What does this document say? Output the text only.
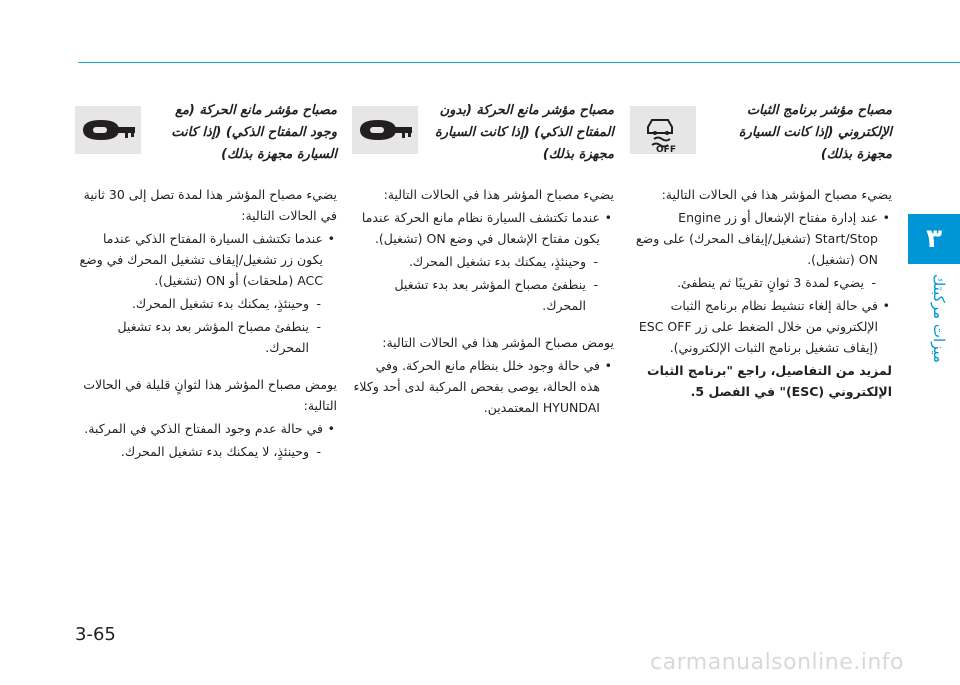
٣
ميزات مركبتك
OFF
مصباح مؤشر برنامج الثبات الإلكتروني (إذا كانت السيارة مجهزة بذلك)

يضيء مصباح المؤشر هذا في الحالات التالية:

• عند إدارة مفتاح الإشعال أو زر Engine Start/Stop (تشغيل/إيقاف المحرك) على وضع ON (تشغيل).

- يضيء لمدة 3 ثوانٍ تقريبًا ثم ينطفئ.

• في حالة إلغاء تنشيط نظام برنامج الثبات الإلكتروني من خلال الضغط على زر ESC OFF (إيقاف تشغيل برنامج الثبات الإلكتروني).

لمزيد من التفاصيل، راجع "برنامج الثبات الإلكتروني (ESC)" في الفصل 5.

مصباح مؤشر مانع الحركة (بدون المفتاح الذكي) (إذا كانت السيارة مجهزة بذلك)

يضيء مصباح المؤشر هذا في الحالات التالية:

• عندما تكتشف السيارة نظام مانع الحركة عندما يكون مفتاح الإشعال في وضع ON (تشغيل).

- وحينئذٍ، يمكنك بدء تشغيل المحرك.

- ينطفئ مصباح المؤشر بعد بدء تشغيل المحرك.

يومض مصباح المؤشر هذا في الحالات التالية:

• في حالة وجود خلل بنظام مانع الحركة. وفي هذه الحالة، يوصى بفحص المركبة لدى أحد وكلاء HYUNDAI المعتمدين.

مصباح مؤشر مانع الحركة (مع وجود المفتاح الذكي) (إذا كانت السيارة مجهزة بذلك)

يضيء مصباح المؤشر هذا لمدة تصل إلى 30 ثانية في الحالات التالية:

• عندما تكتشف السيارة المفتاح الذكي عندما يكون زر تشغيل/إيقاف تشغيل المحرك في وضع ACC (ملحقات) أو ON (تشغيل).

- وحينئذٍ، يمكنك بدء تشغيل المحرك.

- ينطفئ مصباح المؤشر بعد بدء تشغيل المحرك.

يومض مصباح المؤشر هذا لثوانٍ قليلة في الحالات التالية:

• في حالة عدم وجود المفتاح الذكي في المركبة.

- وحينئذٍ، لا يمكنك بدء تشغيل المحرك.

3-65
carmanualsonline.info
